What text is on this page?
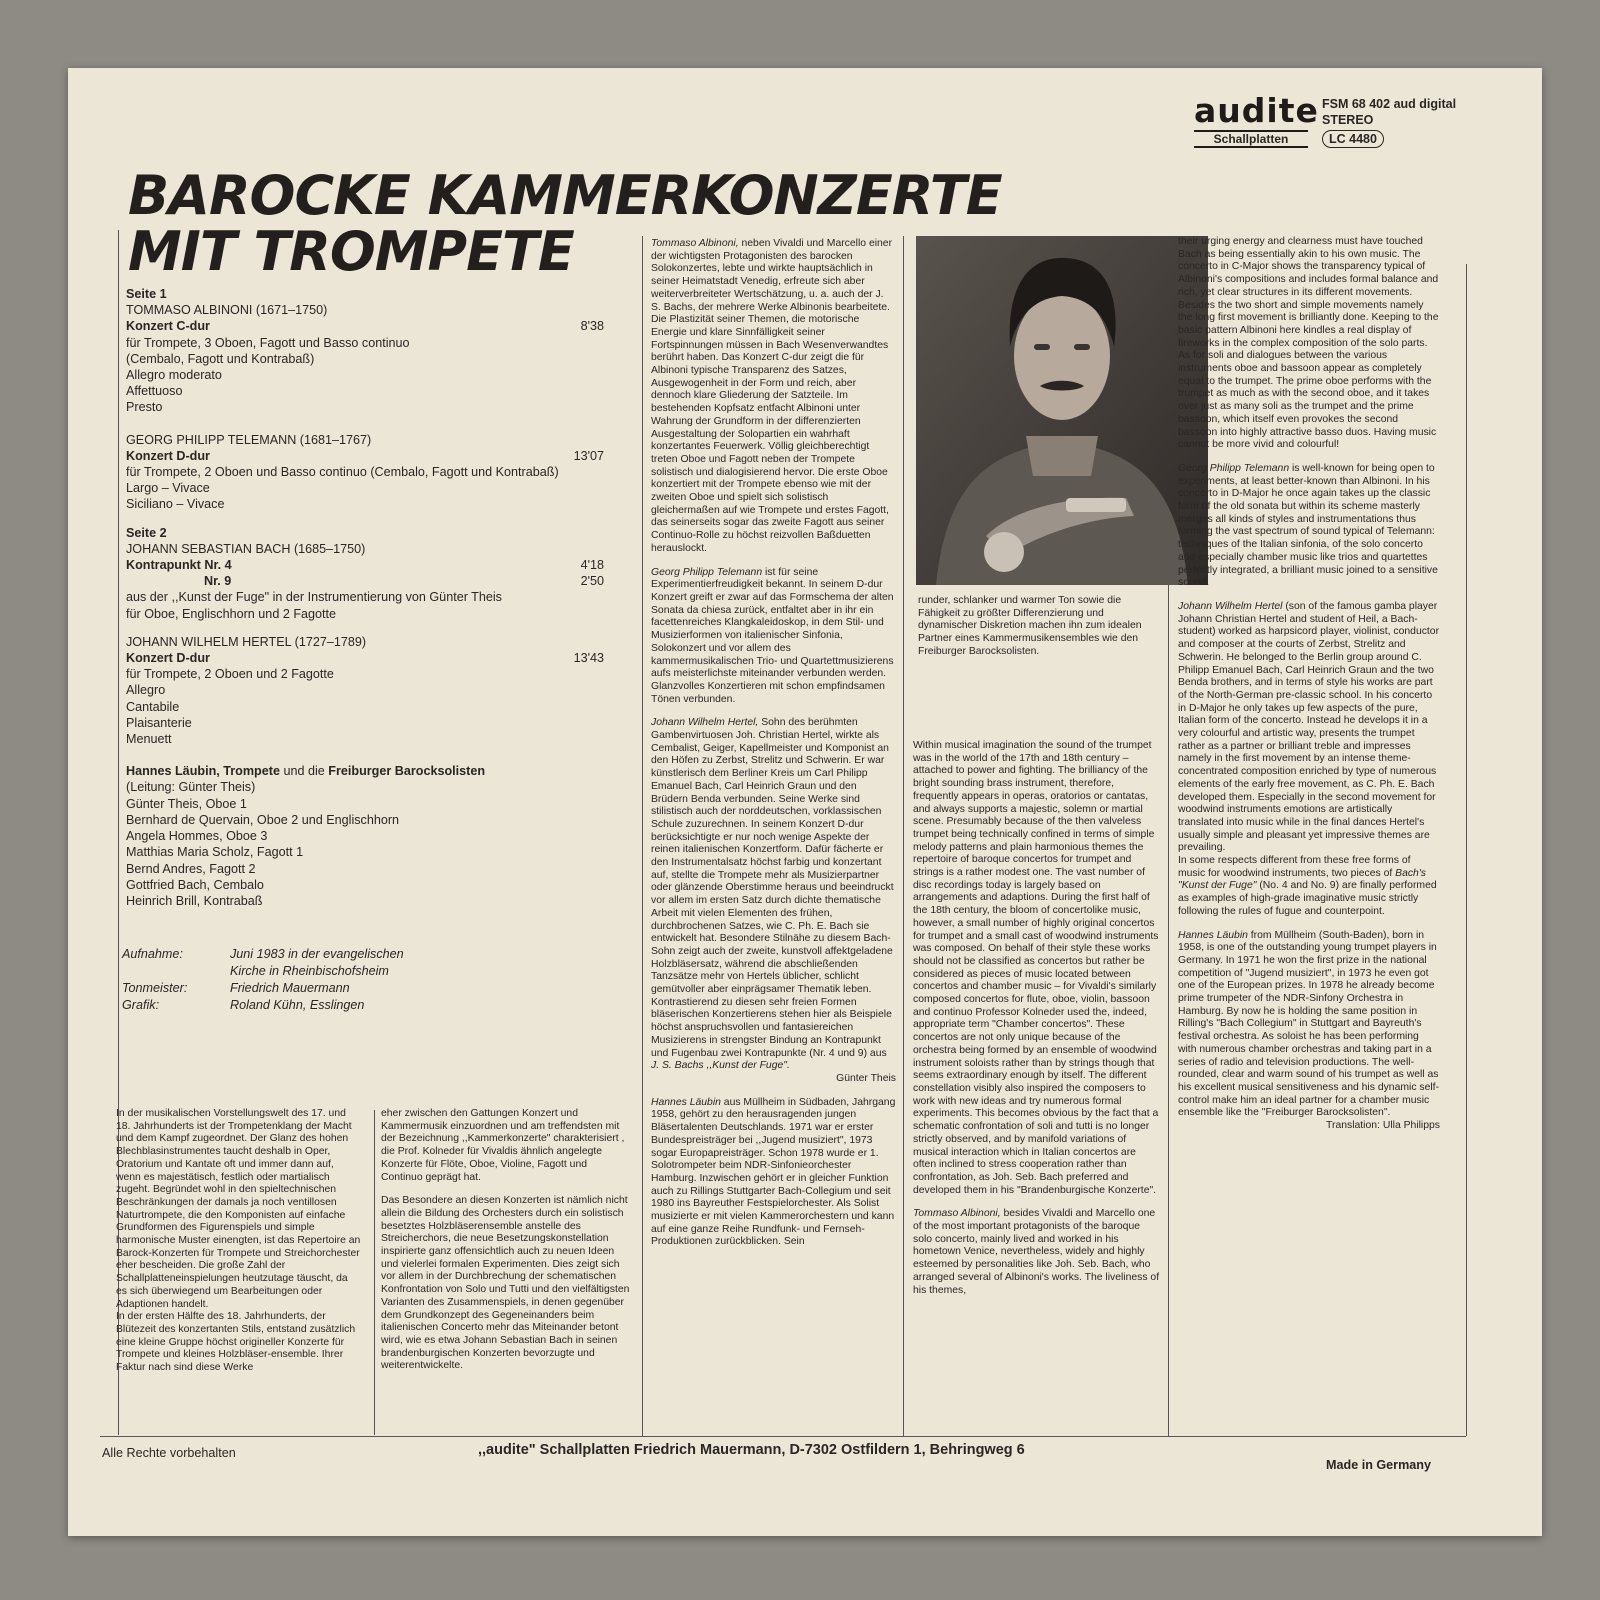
audite
Schallplatten
FSM 68 402 aud digital
STEREO
LC 4480
BAROCKE KAMMERKONZERTE
MIT TROMPETE
Seite 1
TOMMASO ALBINONI (1671–1750)
Konzert C-dur	8'38
für Trompete, 3 Oboen, Fagott und Basso continuo
(Cembalo, Fagott und Kontrabaß)
Allegro moderato
Affettuoso
Presto
GEORG PHILIPP TELEMANN (1681–1767)
Konzert D-dur	13'07
für Trompete, 2 Oboen und Basso continuo (Cembalo, Fagott und Kontrabaß)
Largo – Vivace
Siciliano – Vivace
Seite 2
JOHANN SEBASTIAN BACH (1685–1750)
Kontrapunkt Nr. 4	4'18
Nr. 9	2'50
aus der ,,Kunst der Fuge" in der Instrumentierung von Günter Theis
für Oboe, Englischhorn und 2 Fagotte
JOHANN WILHELM HERTEL (1727–1789)
Konzert D-dur	13'43
für Trompete, 2 Oboen und 2 Fagotte
Allegro
Cantabile
Plaisanterie
Menuett
Hannes Läubin, Trompete und die Freiburger Barocksolisten
(Leitung: Günter Theis)
Günter Theis, Oboe 1
Bernhard de Quervain, Oboe 2 und Englischhorn
Angela Hommes, Oboe 3
Matthias Maria Scholz, Fagott 1
Bernd Andres, Fagott 2
Gottfried Bach, Cembalo
Heinrich Brill, Kontrabaß
Aufnahme:	Juni 1983 in der evangelischen
Kirche in Rheinbischofsheim
Tonmeister:	Friedrich Mauermann
Grafik:	Roland Kühn, Esslingen
In der musikalischen Vorstellungswelt des 17. und 18. Jahrhunderts ist der Trompetenklang der Macht und dem Kampf zugeordnet. Der Glanz des hohen Blechblasinstrumentes taucht deshalb in Oper, Oratorium und Kantate oft und immer dann auf, wenn es majestätisch, festlich oder martialisch zugeht. Begründet wohl in den spieltechnischen Beschränkungen der damals ja noch ventillosen Naturtrompete, die den Komponisten auf einfache Grundformen des Figurenspiels und simple harmonische Muster einengten, ist das Repertoire an Barock-Konzerten für Trompete und Streichorchester eher bescheiden. Die große Zahl der Schallplatteneinspielungen heutzutage täuscht, da es sich überwiegend um Bearbeitungen oder Adaptionen handelt.
In der ersten Hälfte des 18. Jahrhunderts, der Blütezeit des konzertanten Stils, entstand zusätzlich eine kleine Gruppe höchst origineller Konzerte für Trompete und kleines Holzbläser-ensemble. Ihrer Faktur nach sind diese Werke

eher zwischen den Gattungen Konzert und Kammermusik einzuordnen und am treffendsten mit der Bezeichnung ,,Kammerkonzerte" charakterisiert , die Prof. Kolneder für Vivaldis ähnlich angelegte Konzerte für Flöte, Oboe, Violine, Fagott und Continuo geprägt hat.

Das Besondere an diesen Konzerten ist nämlich nicht allein die Bildung des Orchesters durch ein solistisch besetztes Holzbläserensemble anstelle des Streicherchors, die neue Besetzungskonstellation inspirierte ganz offensichtlich auch zu neuen Ideen und vielerlei formalen Experimenten. Dies zeigt sich vor allem in der Durchbrechung der schematischen Konfrontation von Solo und Tutti und den vielfältigsten Varianten des Zusammenspiels, in denen gegenüber dem Grundkonzept des Gegeneinanders beim italienischen Concerto mehr das Miteinander betont wird, wie es etwa Johann Sebastian Bach in seinen brandenburgischen Konzerten bevorzugte und weiterentwickelte.

Tommaso Albinoni, neben Vivaldi und Marcello einer der wichtigsten Protagonisten des barocken Solokonzertes, lebte und wirkte hauptsächlich in seiner Heimatstadt Venedig, erfreute sich aber weiterverbreiteter Wertschätzung, u. a. auch der J. S. Bachs, der mehrere Werke Albinonis bearbeitete. Die Plastizität seiner Themen, die motorische Energie und klare Sinnfälligkeit seiner Fortspinnungen müssen in Bach Wesenverwandtes berührt haben. Das Konzert C-dur zeigt die für Albinoni typische Transparenz des Satzes, Ausgewogenheit in der Form und reich, aber dennoch klare Gliederung der Satzteile. Im bestehenden Kopfsatz entfacht Albinoni unter Wahrung der Grundform in der differenzierten Ausgestaltung der Solopartien ein wahrhaft konzertantes Feuerwerk. Völlig gleichberechtigt treten Oboe und Fagott neben der Trompete solistisch und dialogisierend hervor. Die erste Oboe konzertiert mit der Trompete ebenso wie mit der zweiten Oboe und spielt sich solistisch gleichermaßen auf wie Trompete und erstes Fagott, das seinerseits sogar das zweite Fagott aus seiner Continuo-Rolle zu höchst reizvollen Baßduetten herauslockt.

Georg Philipp Telemann ist für seine Experimentierfreudigkeit bekannt. In seinem D-dur Konzert greift er zwar auf das Formschema der alten Sonata da chiesa zurück, entfaltet aber in ihr ein facettenreiches Klangkaleidoskop, in dem Stil- und Musizierformen von italienischer Sinfonia, Solokonzert und vor allem des kammermusikalischen Trio- und Quartettmusizierens aufs meisterlichste miteinander verbunden werden. Glanzvolles Konzertieren mit schon empfindsamen Tönen verbunden.

Johann Wilhelm Hertel, Sohn des berühmten Gambenvirtuosen Joh. Christian Hertel, wirkte als Cembalist, Geiger, Kapellmeister und Komponist an den Höfen zu Zerbst, Strelitz und Schwerin. Er war künstlerisch dem Berliner Kreis um Carl Philipp Emanuel Bach, Carl Heinrich Graun und den Brüdern Benda verbunden. Seine Werke sind stilistisch auch der norddeutschen, vorklassischen Schule zuzurechnen. In seinem Konzert D-dur berücksichtigte er nur noch wenige Aspekte der reinen italienischen Konzertform. Dafür fächerte er den Instrumentalsatz höchst farbig und konzertant auf, stellte die Trompete mehr als Musizierpartner oder glänzende Oberstimme heraus und beeindruckt vor allem im ersten Satz durch dichte thematische Arbeit mit vielen Elementen des frühen, durchbrochenen Satzes, wie C. Ph. E. Bach sie entwickelt hat. Besondere Stilnähe zu diesem Bach-Sohn zeigt auch der zweite, kunstvoll affektgeladene Holzbläsersatz, während die abschließenden Tanzsätze mehr von Hertels üblicher, schlicht gemütvoller aber einprägsamer Thematik leben. Kontrastierend zu diesen sehr freien Formen bläserischen Konzertierens stehen hier als Beispiele höchst anspruchsvollen und fantasiereichen Musizierens in strengster Bindung an Kontrapunkt und Fugenbau zwei Kontrapunkte (Nr. 4 und 9) aus J. S. Bachs ,,Kunst der Fuge".

Günter Theis

Hannes Läubin aus Müllheim in Südbaden, Jahrgang 1958, gehört zu den herausragenden jungen Bläsertalenten Deutschlands. 1971 war er erster Bundespreisträger bei ,,Jugend musiziert", 1973 sogar Europapreisträger. Schon 1978 wurde er 1. Solotrompeter beim NDR-Sinfonieorchester Hamburg. Inzwischen gehört er in gleicher Funktion auch zu Rillings Stuttgarter Bach-Collegium und seit 1980 ins Bayreuther Festspielorchester. Als Solist musizierte er mit vielen Kammerorchestern und kann auf eine ganze Reihe Rundfunk- und Fernseh-Produktionen zurückblicken. Sein

runder, schlanker und warmer Ton sowie die Fähigkeit zu größter Differenzierung und dynamischer Diskretion machen ihn zum idealen Partner eines Kammermusikensembles wie den Freiburger Barocksolisten.

Within musical imagination the sound of the trumpet was in the world of the 17th and 18th century – attached to power and fighting. The brilliancy of the bright sounding brass instrument, therefore, frequently appears in operas, oratorios or cantatas, and always supports a majestic, solemn or martial scene. Presumably because of the then valveless trumpet being technically confined in terms of simple melody patterns and plain harmonious themes the repertoire of baroque concertos for trumpet and strings is a rather modest one. The vast number of disc recordings today is largely based on arrangements and adaptions. During the first half of the 18th century, the bloom of concertolike music, however, a small number of highly original concertos for trumpet and a small cast of woodwind instruments was composed. On behalf of their style these works should not be classified as concertos but rather be considered as pieces of music located between concertos and chamber music – for Vivaldi's similarly composed concertos for flute, oboe, violin, bassoon and continuo Professor Kolneder used the, indeed, appropriate term "Chamber concertos". These concertos are not only unique because of the orchestra being formed by an ensemble of woodwind instrument soloists rather than by strings though that seems extraordinary enough by itself. The different constellation visibly also inspired the composers to work with new ideas and try numerous formal experiments. This becomes obvious by the fact that a schematic confrontation of soli and tutti is no longer strictly observed, and by manifold variations of musical interaction which in Italian concertos are often inclined to stress cooperation rather than confrontation, as Joh. Seb. Bach preferred and developed them in his "Brandenburgische Konzerte".

Tommaso Albinoni, besides Vivaldi and Marcello one of the most important protagonists of the baroque solo concerto, mainly lived and worked in his hometown Venice, nevertheless, widely and highly esteemed by personalities like Joh. Seb. Bach, who arranged several of Albinoni's works. The liveliness of his themes,

their urging energy and clearness must have touched Bach as being essentially akin to his own music. The concerto in C-Major shows the transparency typical of Albinoni's compositions and includes formal balance and rich, yet clear structures in its different movements. Besides the two short and simple movements namely the long first movement is brilliantly done. Keeping to the basic pattern Albinoni here kindles a real display of fireworks in the complex composition of the solo parts. As for soli and dialogues between the various instruments oboe and bassoon appear as completely equal to the trumpet. The prime oboe performs with the trumpet as much as with the second oboe, and it takes over just as many soli as the trumpet and the prime bassoon, which itself even provokes the second bassoon into highly attractive basso duos. Having music cannot be more vivid and colourful!

Georg Philipp Telemann is well-known for being open to experiments, at least better-known than Albinoni. In his concerto in D-Major he once again takes up the classic form of the old sonata but within its scheme masterly merges all kinds of styles and instrumentations thus forming the vast spectrum of sound typical of Telemann: techniques of the Italian sinfonia, of the solo concerto and especially chamber music like trios and quartettes perfectly integrated, a brilliant music joined to a sensitive sound.

Johann Wilhelm Hertel (son of the famous gamba player Johann Christian Hertel and student of Heil, a Bach-student) worked as harpsicord player, violinist, conductor and composer at the courts of Zerbst, Strelitz and Schwerin. He belonged to the Berlin group around C. Philipp Emanuel Bach, Carl Heinrich Graun and the two Benda brothers, and in terms of style his works are part of the North-German pre-classic school. In his concerto in D-Major he only takes up few aspects of the pure, Italian form of the concerto. Instead he develops it in a very colourful and artistic way, presents the trumpet rather as a partner or brilliant treble and impresses namely in the first movement by an intense theme-concentrated composition enriched by type of numerous elements of the early free movement, as C. Ph. E. Bach developed them. Especially in the second movement for woodwind instruments emotions are artistically translated into music while in the final dances Hertel's usually simple and pleasant yet impressive themes are prevailing.

In some respects different from these free forms of music for woodwind instruments, two pieces of Bach's "Kunst der Fuge" (No. 4 and No. 9) are finally performed as examples of high-grade imaginative music strictly following the rules of fugue and counterpoint.

Hannes Läubin from Müllheim (South-Baden), born in 1958, is one of the outstanding young trumpet players in Germany. In 1971 he won the first prize in the national competition of "Jugend musiziert", in 1973 he even got one of the European prizes. In 1978 he already become prime trumpeter of the NDR-Sinfony Orchestra in Hamburg. By now he is holding the same position in Rilling's "Bach Collegium" in Stuttgart and Bayreuth's festival orchestra. As soloist he has been performing with numerous chamber orchestras and taking part in a series of radio and television productions. The well-rounded, clear and warm sound of his trumpet as well as his excellent musical sensitiveness and his dynamic self-control make him an ideal partner for a chamber music ensemble like the "Freiburger Barocksolisten".

Translation: Ulla Philipps
Alle Rechte vorbehalten	,,audite" Schallplatten Friedrich Mauermann, D-7302 Ostfildern 1, Behringweg 6
Made in Germany
